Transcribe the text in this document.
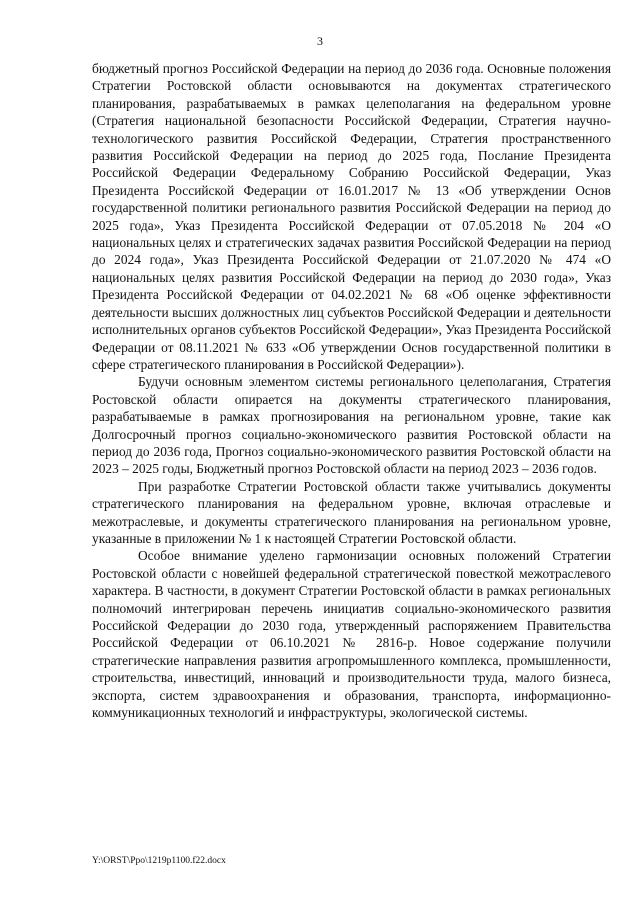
3

бюджетный прогноз Российской Федерации на период до 2036 года. Основные положения Стратегии Ростовской области основываются на документах стратегического планирования, разрабатываемых в рамках целеполагания на федеральном уровне (Стратегия национальной безопасности Российской Федерации, Стратегия научно-технологического развития Российской Федерации, Стратегия пространственного развития Российской Федерации на период до 2025 года, Послание Президента Российской Федерации Федеральному Собранию Российской Федерации, Указ Президента Российской Федерации от 16.01.2017 № 13 «Об утверждении Основ государственной политики регионального развития Российской Федерации на период до 2025 года», Указ Президента Российской Федерации от 07.05.2018 № 204 «О национальных целях и стратегических задачах развития Российской Федерации на период до 2024 года», Указ Президента Российской Федерации от 21.07.2020 № 474 «О национальных целях развития Российской Федерации на период до 2030 года», Указ Президента Российской Федерации от 04.02.2021 № 68 «Об оценке эффективности деятельности высших должностных лиц субъектов Российской Федерации и деятельности исполнительных органов субъектов Российской Федерации», Указ Президента Российской Федерации от 08.11.2021 № 633 «Об утверждении Основ государственной политики в сфере стратегического планирования в Российской Федерации»).

Будучи основным элементом системы регионального целеполагания, Стратегия Ростовской области опирается на документы стратегического планирования, разрабатываемые в рамках прогнозирования на региональном уровне, такие как Долгосрочный прогноз социально-экономического развития Ростовской области на период до 2036 года, Прогноз социально-экономического развития Ростовской области на 2023 – 2025 годы, Бюджетный прогноз Ростовской области на период 2023 – 2036 годов.

При разработке Стратегии Ростовской области также учитывались документы стратегического планирования на федеральном уровне, включая отраслевые и межотраслевые, и документы стратегического планирования на региональном уровне, указанные в приложении № 1 к настоящей Стратегии Ростовской области.

Особое внимание уделено гармонизации основных положений Стратегии Ростовской области с новейшей федеральной стратегической повесткой межотраслевого характера. В частности, в документ Стратегии Ростовской области в рамках региональных полномочий интегрирован перечень инициатив социально-экономического развития Российской Федерации до 2030 года, утвержденный распоряжением Правительства Российской Федерации от 06.10.2021 № 2816-р. Новое содержание получили стратегические направления развития агропромышленного комплекса, промышленности, строительства, инвестиций, инноваций и производительности труда, малого бизнеса, экспорта, систем здравоохранения и образования, транспорта, информационно-коммуникационных технологий и инфраструктуры, экологической системы.

Y:\ORST\Ppo\1219p1100.f22.docx
